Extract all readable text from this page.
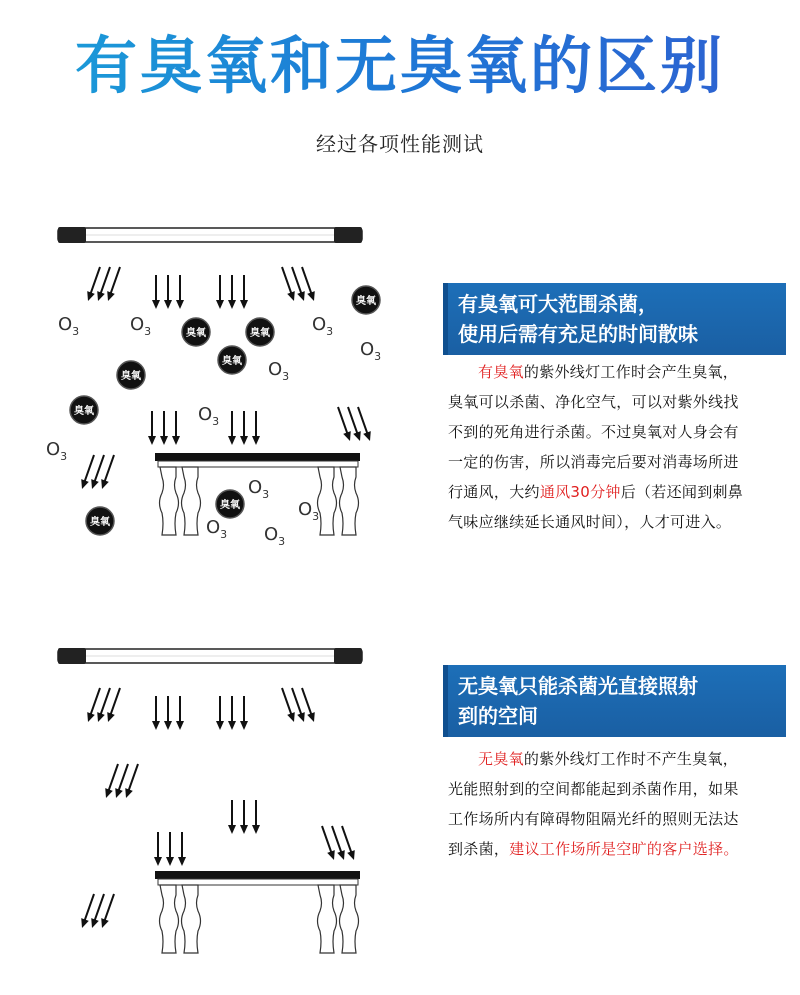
有臭氧和无臭氧的区别
经过各项性能测试
$O_3$	$O_3$	$O_3$
$O_3$
$O_3$
$O_3$
$O_3$
$O_3$
$O_3$
$O_3$ $O_3$
臭氧
臭氧	臭氧
臭氧
臭氧
臭氧
臭氧
臭氧
有臭氧可大范围杀菌，
使用后需有充足的时间散味
有臭氧的紫外线灯工作时会产生臭氧，臭氧可以杀菌、净化空气，可以对紫外线找不到的死角进行杀菌。不过臭氧对人身会有一定的伤害，所以消毒完后要对消毒场所进行通风，大约通风30分钟后（若还闻到刺鼻气味应继续延长通风时间），人才可进入。
无臭氧只能杀菌光直接照射
到的空间
无臭氧的紫外线灯工作时不产生臭氧，光能照射到的空间都能起到杀菌作用，如果工作场所内有障碍物阻隔光纤的照则无法达到杀菌，建议工作场所是空旷的客户选择。
